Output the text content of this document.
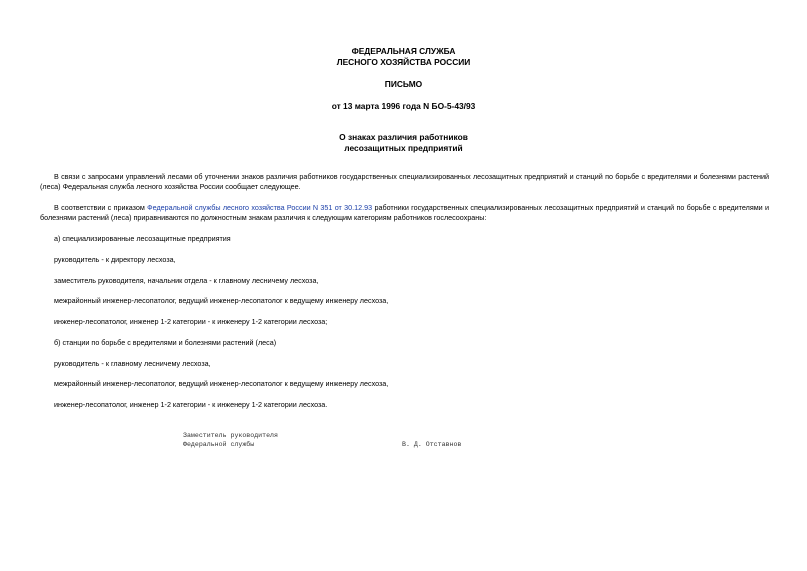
ФЕДЕРАЛЬНАЯ СЛУЖБА
ЛЕСНОГО ХОЗЯЙСТВА РОССИИ
ПИСЬМО
от 13 марта 1996 года N БО-5-43/93
О знаках различия работников
лесозащитных предприятий
В связи с запросами управлений лесами об уточнении знаков различия работников государственных специализированных лесозащитных предприятий и станций по борьбе с вредителями и болезнями растений (леса) Федеральная служба лесного хозяйства России сообщает следующее.
В соответствии с приказом Федеральной службы лесного хозяйства России N 351 от 30.12.93 работники государственных специализированных лесозащитных предприятий и станций по борьбе с вредителями и болезнями растений (леса) приравниваются по должностным знакам различия к следующим категориям работников гослесоохраны:
а) специализированные лесозащитные предприятия
руководитель - к директору лесхоза,
заместитель руководителя, начальник отдела - к главному лесничему лесхоза,
межрайонный инженер-лесопатолог, ведущий инженер-лесопатолог к ведущему инженеру лесхоза,
инженер-лесопатолог, инженер 1-2 категории - к инженеру 1-2 категории лесхоза;
б) станции по борьбе с вредителями и болезнями растений (леса)
руководитель - к главному лесничему лесхоза,
межрайонный инженер-лесопатолог, ведущий инженер-лесопатолог к ведущему инженеру лесхоза,
инженер-лесопатолог, инженер 1-2 категории - к инженеру 1-2 категории лесхоза.
Заместитель руководителя
Федеральной службы	В. Д. Отставнов
